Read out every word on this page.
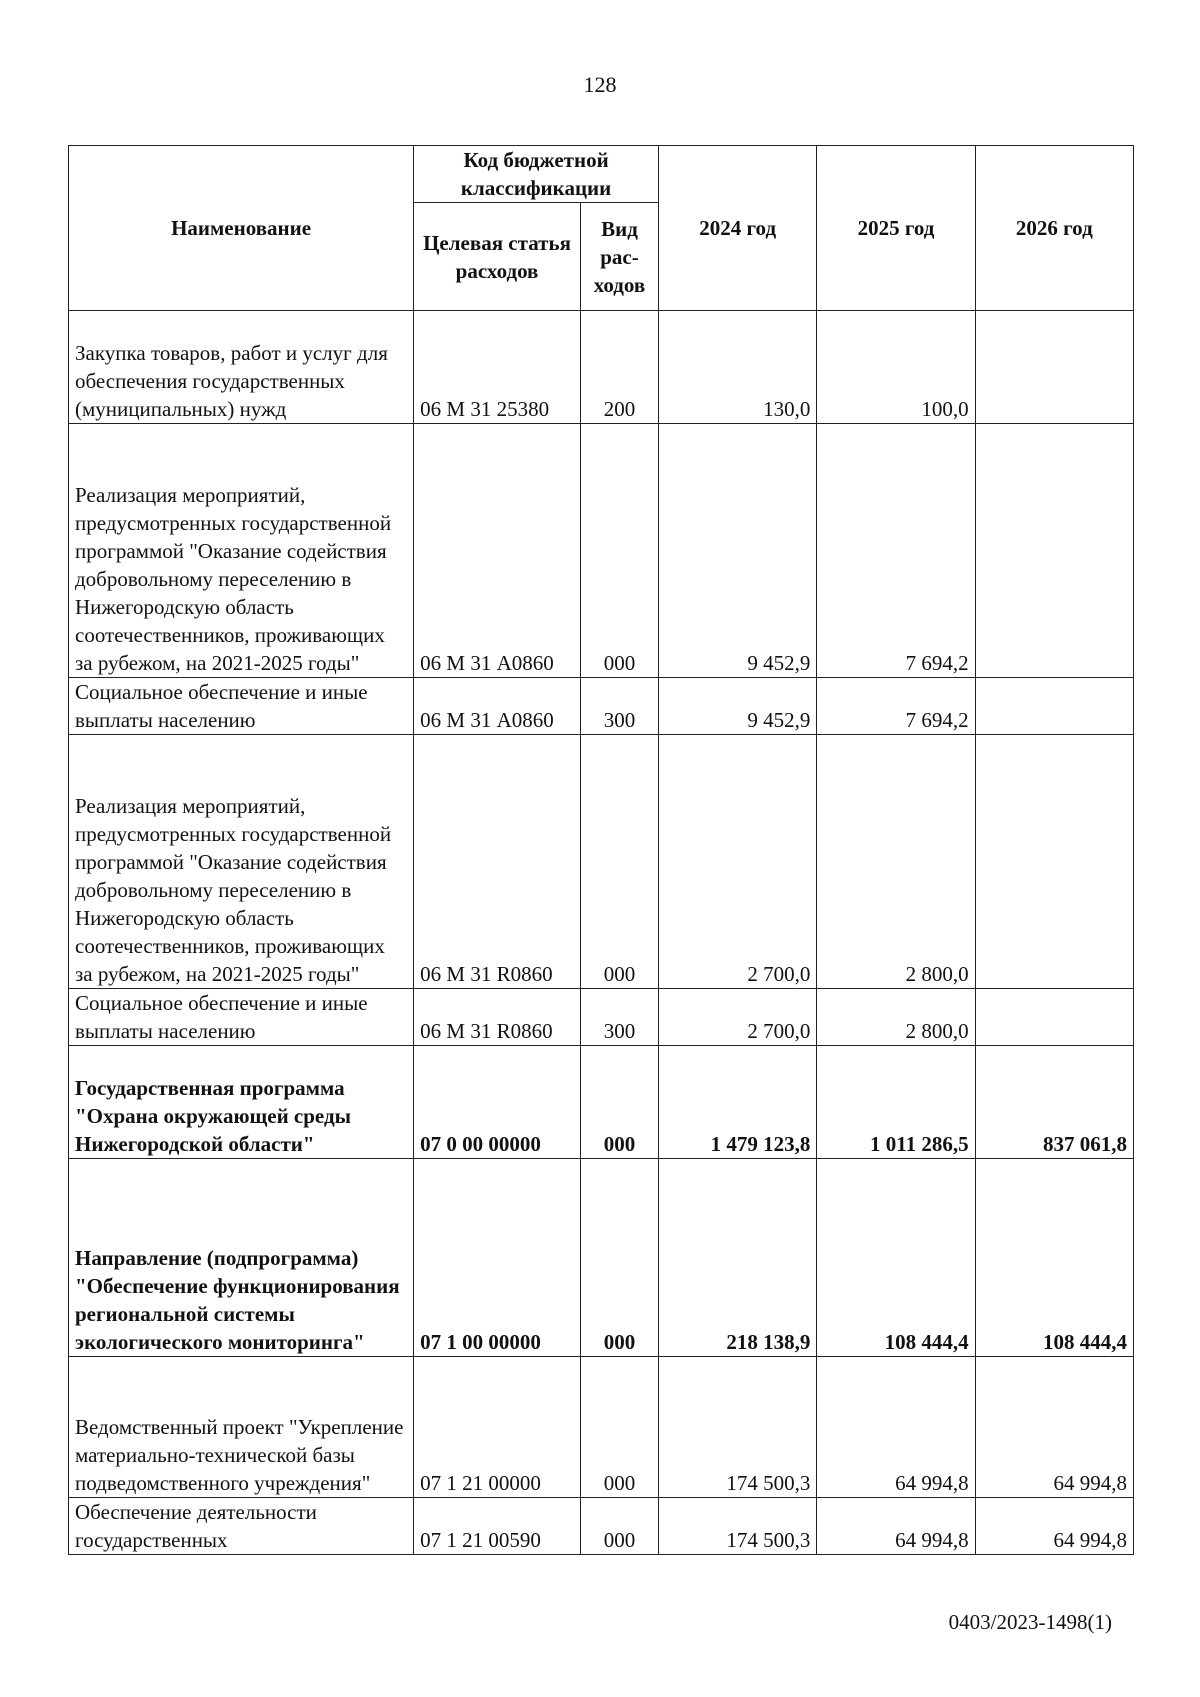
128
Наименование	Код бюджетной классификации		2024 год	2025 год	2026 год
	Целевая статья расходов	Вид рас-ходов			
Закупка товаров, работ и услуг для обеспечения государственных (муниципальных) нужд	06 М 31 25380	200	130,0	100,0	
Реализация мероприятий, предусмотренных государственной программой "Оказание содействия добровольному переселению в Нижегородскую область соотечественников, проживающих за рубежом, на 2021-2025 годы"	06 М 31 А0860	000	9 452,9	7 694,2	
Социальное обеспечение и иные выплаты населению	06 М 31 А0860	300	9 452,9	7 694,2	
Реализация мероприятий, предусмотренных государственной программой "Оказание содействия добровольному переселению в Нижегородскую область соотечественников, проживающих за рубежом, на 2021-2025 годы"	06 М 31 R0860	000	2 700,0	2 800,0	
Социальное обеспечение и иные выплаты населению	06 М 31 R0860	300	2 700,0	2 800,0	
Государственная программа "Охрана окружающей среды Нижегородской области"	07 0 00 00000	000	1 479 123,8	1 011 286,5	837 061,8
Направление (подпрограмма) "Обеспечение функционирования региональной системы экологического мониторинга"	07 1 00 00000	000	218 138,9	108 444,4	108 444,4
Ведомственный проект "Укрепление материально-технической базы подведомственного учреждения"	07 1 21 00000	000	174 500,3	64 994,8	64 994,8
Обеспечение деятельности государственных	07 1 21 00590	000	174 500,3	64 994,8	64 994,8
0403/2023-1498(1)
